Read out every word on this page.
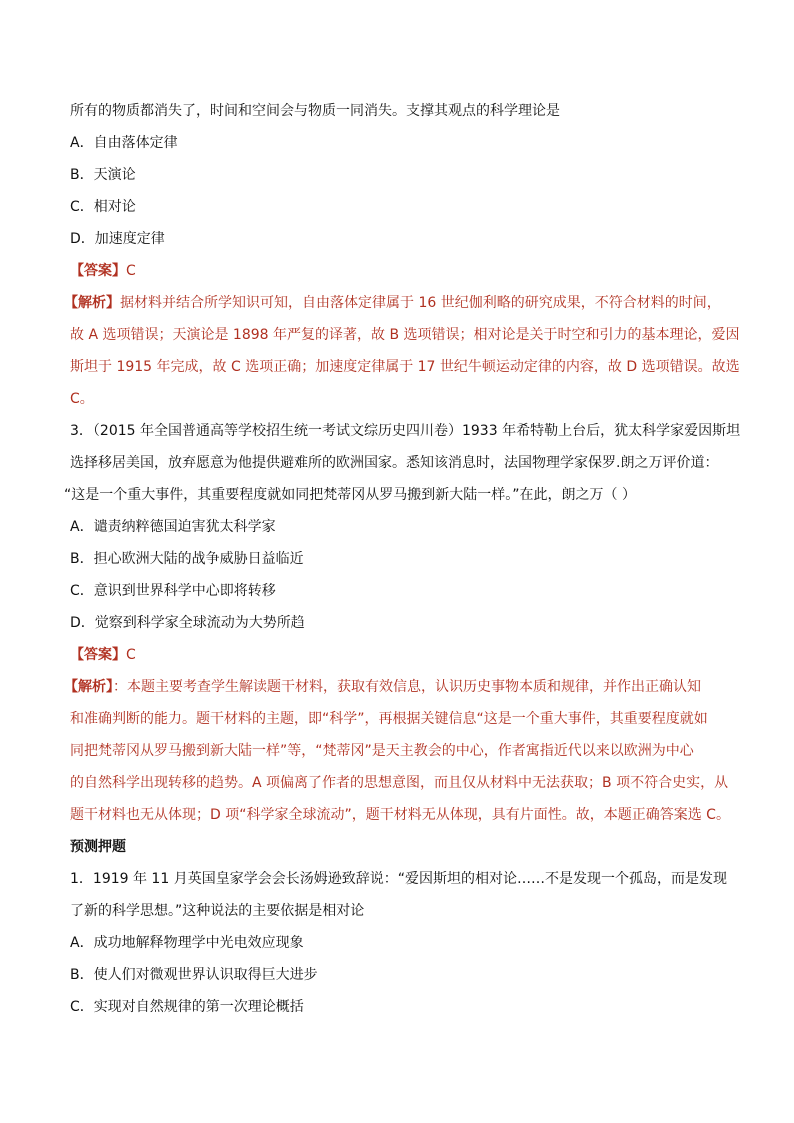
所有的物质都消失了，时间和空间会与物质一同消失。支撑其观点的科学理论是
A．自由落体定律
B．天演论
C．相对论
D．加速度定律
【答案】C
【解析】据材料并结合所学知识可知，自由落体定律属于 16 世纪伽利略的研究成果，不符合材料的时间，
故 A 选项错误；天演论是 1898 年严复的译著，故 B 选项错误；相对论是关于时空和引力的基本理论，爱因
斯坦于 1915 年完成，故 C 选项正确；加速度定律属于 17 世纪牛顿运动定律的内容，故 D 选项错误。故选
C。
3．（2015 年全国普通高等学校招生统一考试文综历史四川卷）1933 年希特勒上台后，犹太科学家爱因斯坦
选择移居美国，放弃愿意为他提供避难所的欧洲国家。悉知该消息时，法国物理学家保罗.朗之万评价道：
“这是一个重大事件，其重要程度就如同把梵蒂冈从罗马搬到新大陆一样。”在此，朗之万（ ）
A．谴责纳粹德国迫害犹太科学家
B．担心欧洲大陆的战争威胁日益临近
C．意识到世界科学中心即将转移
D．觉察到科学家全球流动为大势所趋
【答案】C
【解析】：本题主要考查学生解读题干材料，获取有效信息，认识历史事物本质和规律，并作出正确认知
和准确判断的能力。题干材料的主题，即“科学”，再根据关键信息“这是一个重大事件，其重要程度就如
同把梵蒂冈从罗马搬到新大陆一样”等，“梵蒂冈”是天主教会的中心，作者寓指近代以来以欧洲为中心
的自然科学出现转移的趋势。A 项偏离了作者的思想意图，而且仅从材料中无法获取；B 项不符合史实，从
题干材料也无从体现；D 项“科学家全球流动”，题干材料无从体现，具有片面性。故，本题正确答案选 C。
预测押题
1．1919 年 11 月英国皇家学会会长汤姆逊致辞说：“爱因斯坦的相对论……不是发现一个孤岛，而是发现
了新的科学思想。”这种说法的主要依据是相对论
A．成功地解释物理学中光电效应现象
B．使人们对微观世界认识取得巨大进步
C．实现对自然规律的第一次理论概括
